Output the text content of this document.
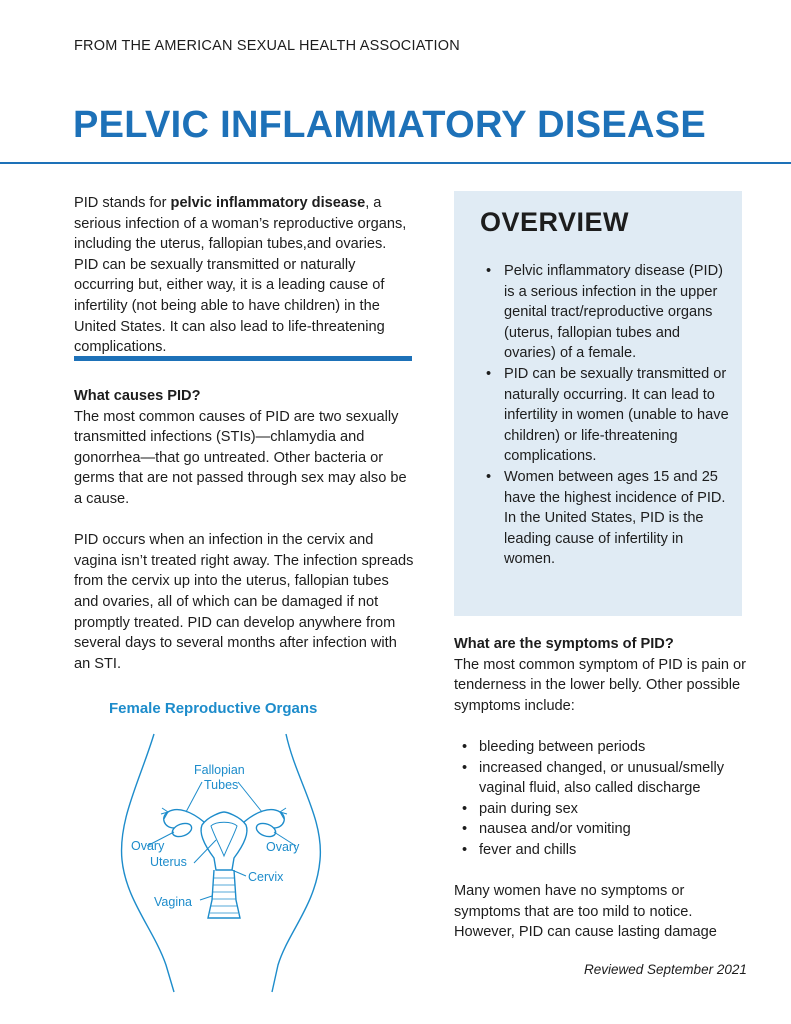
FROM THE AMERICAN SEXUAL HEALTH ASSOCIATION
PELVIC INFLAMMATORY DISEASE

PID stands for pelvic inflammatory disease, a serious infection of a woman’s reproductive organs, including the uterus, fallopian tubes,and ovaries. PID can be sexually transmitted or naturally occurring but, either way, it is a leading cause of infertility (not being able to have children) in the United States. It can also lead to life-threatening complications.

What causes PID?

The most common causes of PID are two sexually transmitted infections (STIs)—chlamydia and gonorrhea—that go untreated. Other bacteria or germs that are not passed through sex may also be a cause.

PID occurs when an infection in the cervix and vagina isn’t treated right away. The infection spreads from the cervix up into the uterus, fallopian tubes and ovaries, all of which can be damaged if not promptly treated. PID can develop anywhere from several days to several months after infection with an STI.

Female Reproductive Organs
Fallopian
Tubes
Ovary	Ovary
Uterus
Cervix
Vagina
OVERVIEW
• Pelvic inflammatory disease (PID) is a serious infection in the upper genital tract/reproductive organs (uterus, fallopian tubes and ovaries) of a female.
• PID can be sexually transmitted or naturally occurring. It can lead to infertility in women (unable to have children) or life-threatening complications.
• Women between ages 15 and 25 have the highest incidence of PID. In the United States, PID is the leading cause of infertility in women.
What are the symptoms of PID?

The most common symptom of PID is pain or tenderness in the lower belly. Other possible symptoms include:

• bleeding between periods
• increased changed, or unusual/smelly vaginal fluid, also called discharge
• pain during sex
• nausea and/or vomiting
• fever and chills

Many women have no symptoms or symptoms that are too mild to notice. However, PID can cause lasting damage

Reviewed September 2021
